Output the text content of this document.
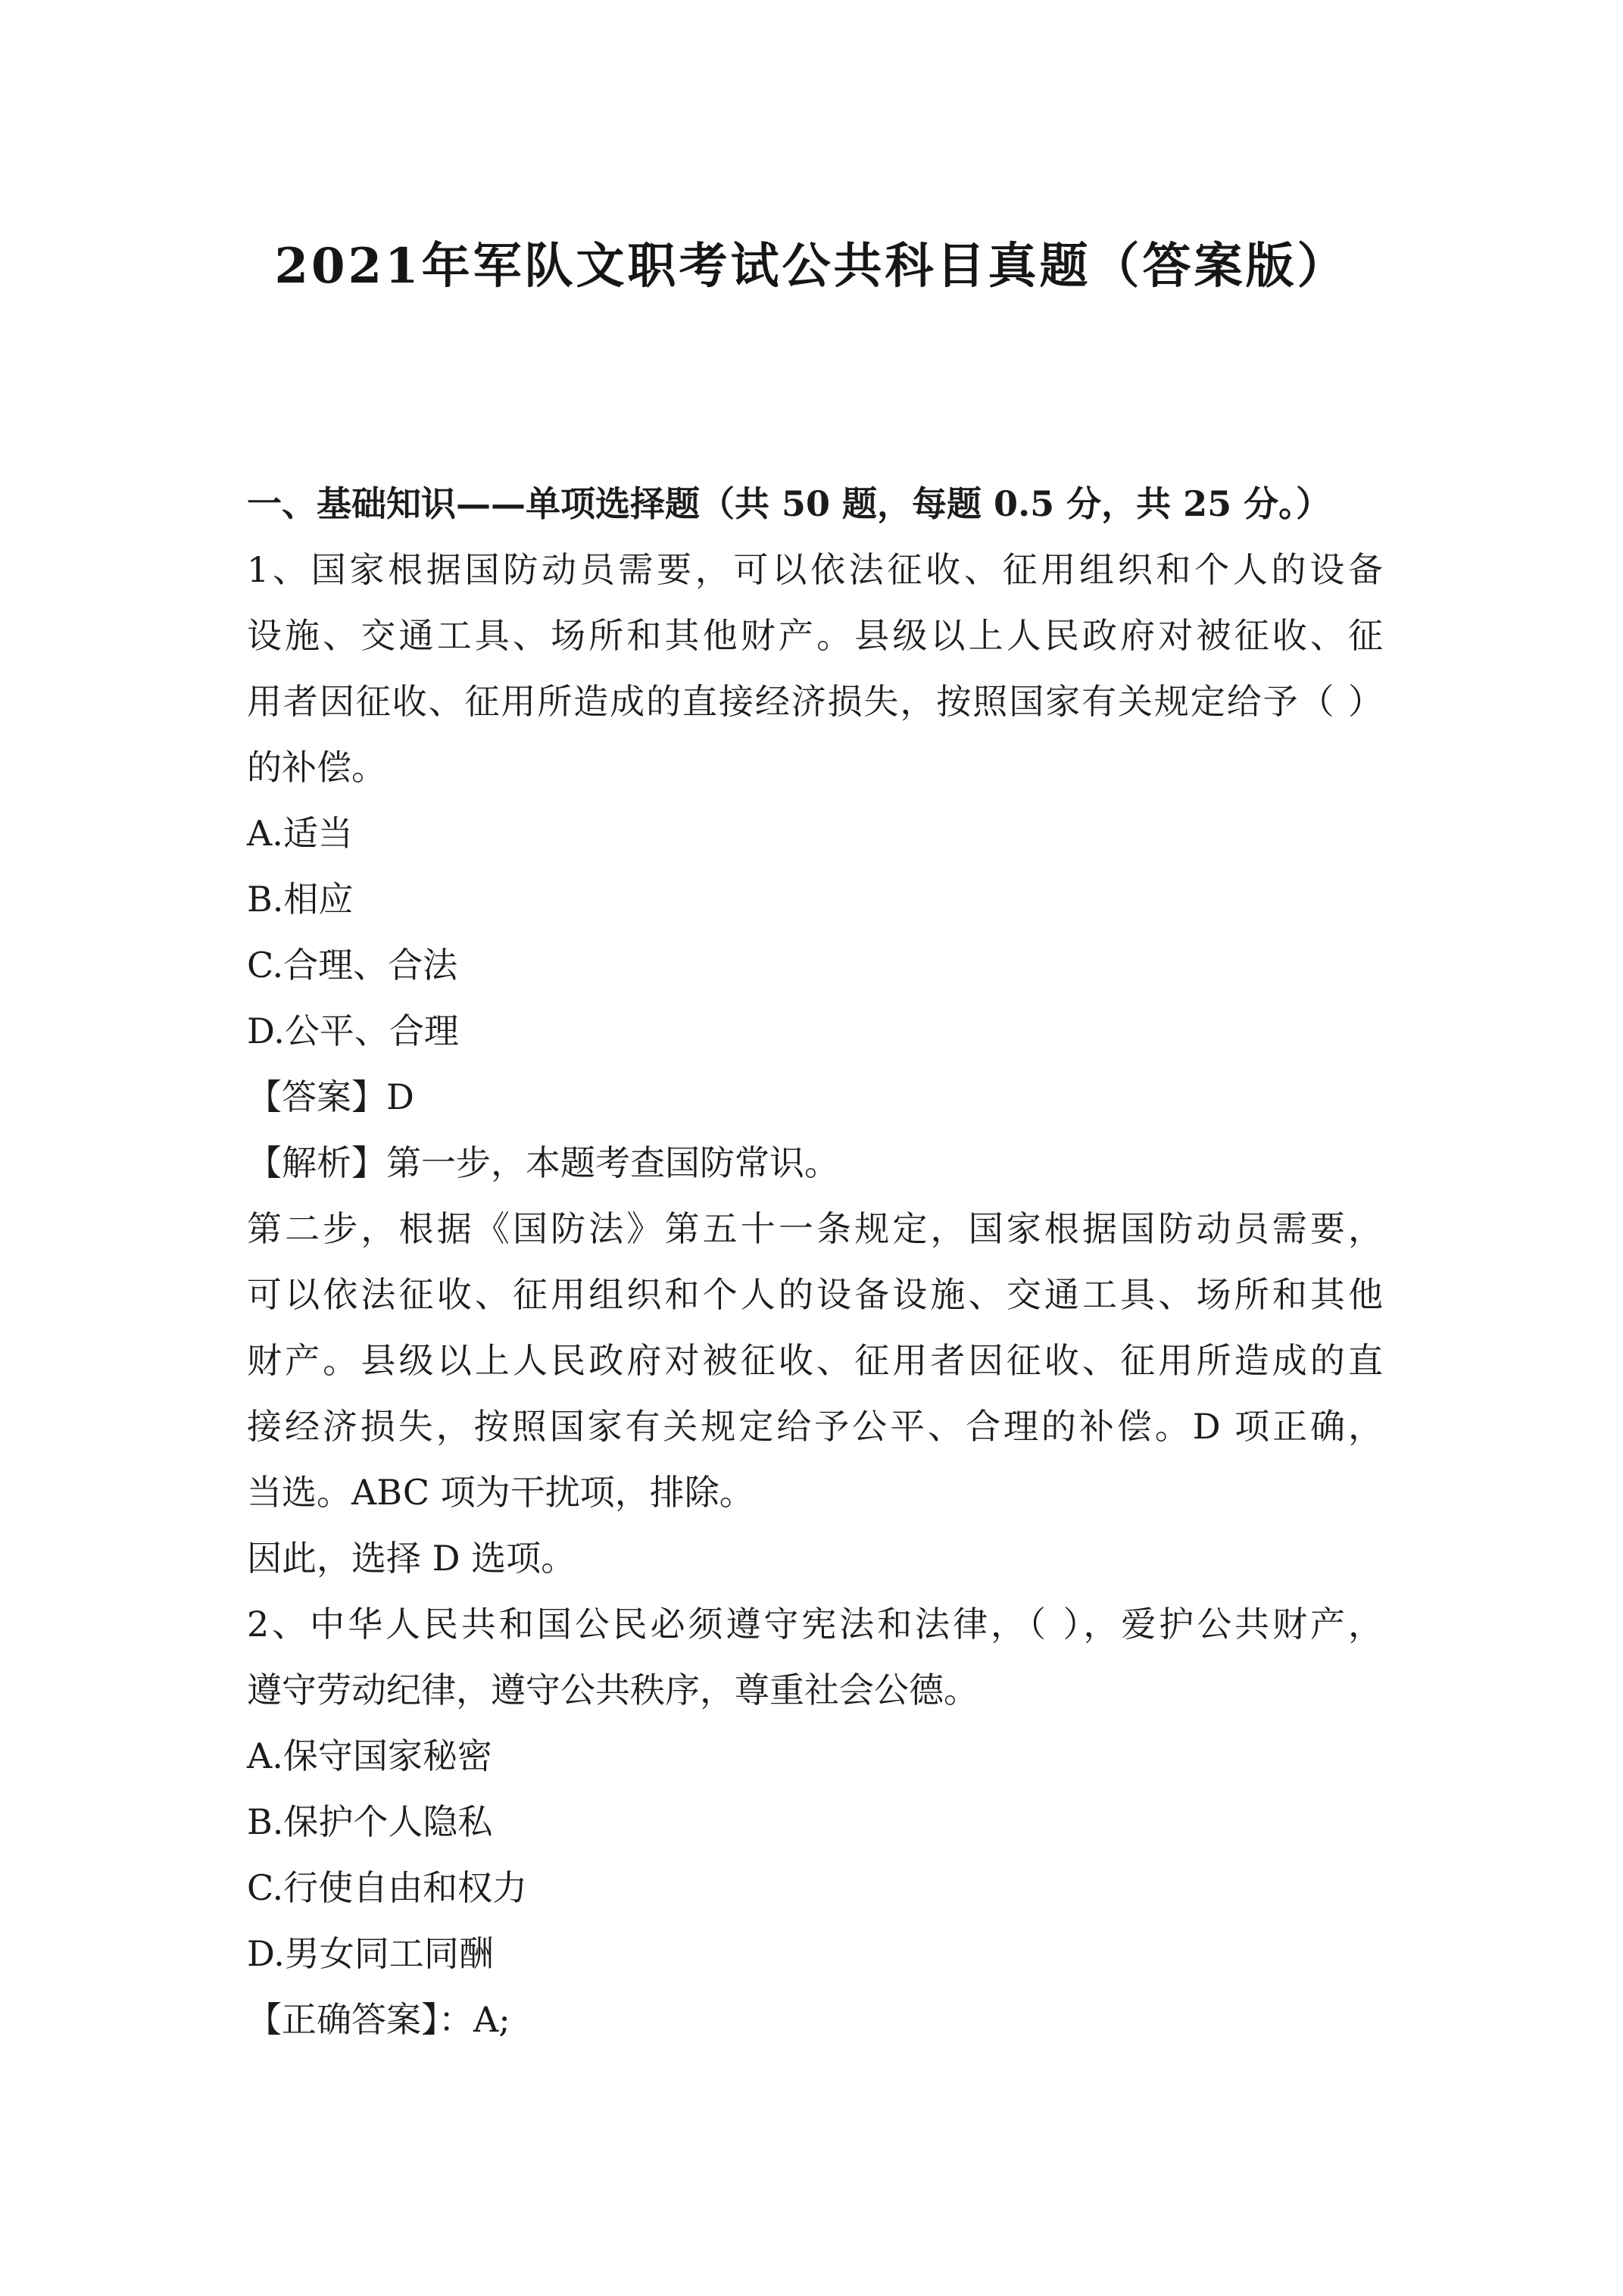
2021年军队文职考试公共科目真题（答案版）
一、基础知识——单项选择题（共 50 题，每题 0.5 分，共 25 分。）
1、国家根据国防动员需要，可以依法征收、征用组织和个人的设备
设施、交通工具、场所和其他财产。县级以上人民政府对被征收、征
用者因征收、征用所造成的直接经济损失，按照国家有关规定给予（ ）
的补偿。
A.适当
B.相应
C.合理、合法
D.公平、合理
【答案】D
【解析】第一步，本题考查国防常识。
第二步，根据《国防法》第五十一条规定，国家根据国防动员需要，
可以依法征收、征用组织和个人的设备设施、交通工具、场所和其他
财产。县级以上人民政府对被征收、征用者因征收、征用所造成的直
接经济损失，按照国家有关规定给予公平、合理的补偿。D 项正确，
当选。ABC 项为干扰项，排除。
因此，选择 D 选项。
2、中华人民共和国公民必须遵守宪法和法律，（ ），爱护公共财产，
遵守劳动纪律，遵守公共秩序，尊重社会公德。
A.保守国家秘密
B.保护个人隐私
C.行使自由和权力
D.男女同工同酬
【正确答案】：A;
